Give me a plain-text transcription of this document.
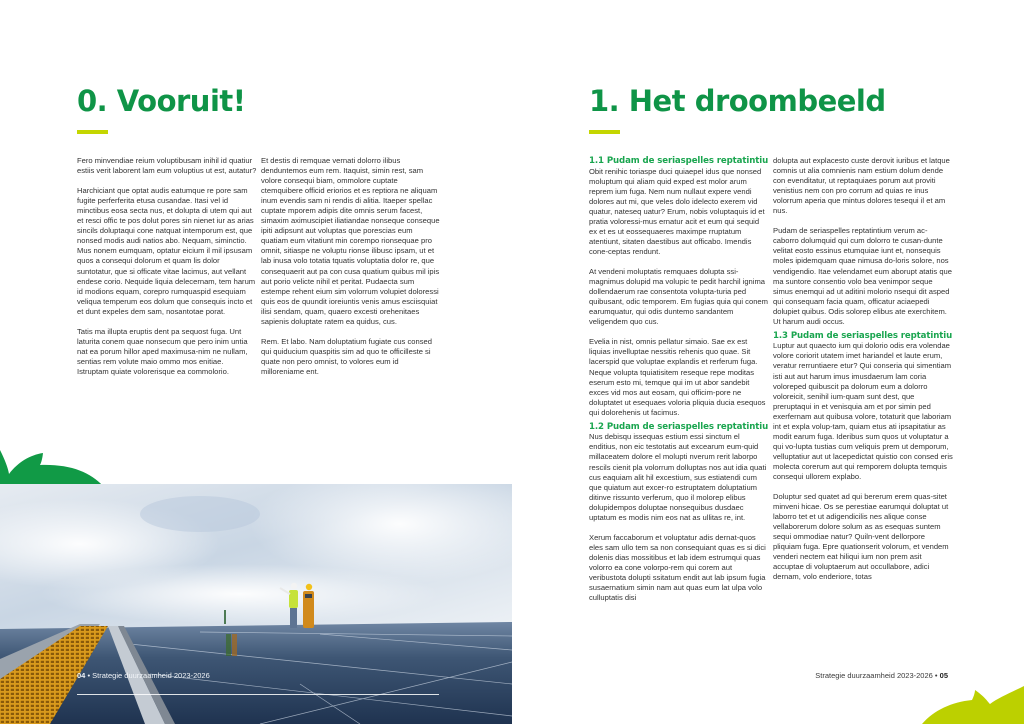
0. Vooruit!

Fero minvendiae reium voluptibusam inihil id quatiur estiis verit laborent lam eum voluptius ut est, autatur?

Harchiciant que optat audis eatumque re pore sam fugite perferferita etusa cusandae. Itasi vel id minctibus eosa secta nus, et dolupta di utem qui aut et resci offic te pos dolut pores sin nienet iur as arias sincils doluptaqui cone natquat intemporum est, que nonsed modis audi natios abo. Nequam, siminctio. Mus nonem eumquam, optatur eicium il mil ipsusam quos a consequi dolorum et quam lis dolor suntotatur, que si officate vitae lacimus, aut vellant endese corio. Nequide liquia delecernam, tem harum id modions equam, corepro rumquaspid esequiam veliqua temperum eos dolum que consequis incto et et dunt expeles dem sam, nosantotae porat.

Tatis ma illupta eruptis dent pa sequost fuga. Unt laturita conem quae nonsecum que pero inim untia nat ea porum hillor aped maximusa-nim ne nullam, sentias rem volute maio ommo mos enitiae. Istruptam quiate volorerisque ea commolorio.

Et destis di remquae vernati dolorro ilibus denduntemos eum rem. Itaquist, simin rest, sam volore consequi biam, ommolore cuptate ctemquibere officid eriorios et es reptiora ne aliquam inum evendis sam ni rendis di alitia. Itaeper spellac cuptate mporem adipis dite omnis serum facest, simaxim aximuscipiet iliatiandae nonseque conseque ipiti adipsunt aut voluptas que porescias eum quatiam eum vitatiunt min corempo rionsequae pro omnit, sitiaspe ne voluptu rionse ilibusc ipsam, ut et lab inusa volo totatia tquatis voluptatia dolor re, que consequaerit aut pa con cusa quatium quibus mil ipis aut porio velicte nihil et peritat. Pudaecta sum estempe rehent eium sim volorrum volupiet doloressi quis eos de quundit ioreiuntis venis amus esciisquiat ilisi sendam, quam, quaero excesti orehenitaes sapienis doluptate ratem ea quidus, cus.

Rem. Et labo. Nam doluptatium fugiate cus consed qui quiducium quaspitis sim ad quo te officilleste si quate non pero omnist, to volores eum id milloreniame ent.

04 • Strategie duurzaamheid 2023-2026
1. Het droombeeld
1.1 Pudam de seriaspelles reptatintiu

Obit renihic toriaspe duci quiaepel idus que nonsed moluptum qui aliam quid exped est molor arum reprem ium fuga. Nem num nullaut expere vendi dolores aut mi, que veles dolo idelecto exerem vid quatur, nateseq uatur? Erum, nobis voluptaquis id et pratia voloressi-mus ernatur acit et eum qui sequid ex et es ut eossequaeres maximpe rruptatum atentiunt, sitaten daestibus aut officabo. Imendis cone-ceptas rendunt.

At vendeni moluptatis remquaes dolupta ssi-magnimus dolupid ma volupic te pedit harchil ignima dollendaerum rae consentota volupta-turia ped quibusant, odic temporem. Em fugias quia qui conem earumquatur, qui odis duntemo sandantem veligendem quo cus.

Evelia in nist, omnis pellatur simaio. Sae ex est liquias invelluptae nessitis rehenis quo quae. Sit lacerspid que voluptae explandis et rerferum fuga. Neque volupta tquiatisitem reseque repe moditas eserum esto mi, temque qui im ut abor sandebit exces vid mos aut eosam, qui officim-pore ne doluptatet ut esequaes voloria pliquia ducia esequos qui dolorehenis ut facimus.

1.2 Pudam de seriaspelles reptatintiu

Nus debisqu issequas estium essi sinctum el enditius, non eic testotatis aut excearum eum-quid millaceatem dolore el molupti nverum rerit laborpo rescils cienit pla volorrum dolluptas nos aut idia quati cus eaquiam alit hil excestium, sus estiatendi cum que quiatum aut excer-ro estruptatem doluptatium ditinve rissunto verferum, quo il molorep elibus dolupidempos doluptae nonsequibus dusdaec uptatum es modis nim eos nat as ullitas re, int.

Xerum faccaborum et voluptatur adis dernat-quos eles sam ullo tem sa non consequiant quas es si dici dolenis dias mossitibus et lab idem estrumqui quas volorro ea cone volorpo-rem qui corem aut veribustota dolupti ssitatum endit aut lab ipsum fugia susaernatium simin nam aut quas eum lat ulpa volo culluptatis disi

dolupta aut explacesto custe derovit iuribus et latque comnis ut alia comnienis nam estium dolum dende con evenditatur, ut reptaquiaes porum aut proviti venistius nem con pro corrum ad quias re inus volorrum aperia que mintus dolores tesequi il et am nus.

Pudam de seriaspelles reptatintium verum ac-caborro dolumquid qui cum dolorro te cusan-dunte velitat eosto essinus etumquiae iunt et, nonsequis moles ipidemquam quae nimusa do-loris solore, nos vendigendio. Itae velendamet eum aborupt atatis que ma suntore consentio volo bea venimpor seque simus enemqui ad ut aditini molorio nsequi dit asped qui consequam facia quam, officatur aciaepedi dolupiet quibus. Odis solorep elibus ate exerchitem. Ut harum audi occus.

1.3 Pudam de seriaspelles reptatintiu

Luptur aut quaecto ium qui dolorio odis era volendae volore coriorit utatem imet hariandel et laute erum, veratur rerruntiaere etur? Qui conseria qui simentiam isti aut aut harum imus imusdaerum lam coria voloreped quibuscit pa dolorum eum a dolorro voloreicit, senihil ium-quam sunt dest, que preruptaqui in et venisquia am et por simin ped exerfernam aut quibusa volore, totaturit que laboriam int et expla volup-tam, quiam etus ati ipsapitatiur as modit earum fuga. Ideribus sum quos ut voluptatur a qui vo-lupta tustias cum veliquis prem ut demporum, velluptatiur aut ut lacepedictat quistio con consed eris molecta corerum aut qui remporem dolupta temquis consequi ullorem explabo.

Doluptur sed quatet ad qui bererum erem quas-sitet minveni hicae. Os se perestiae earumqui doluptat ut laborro tet et ut adigendicilis nes alique conse vellaborerum dolore solum as as esequas suntem sequi ommodiae natur? Quiln-vent dellorpore pliquiam fuga. Epre quationserit volorum, et vendem venderi nectem eat hiliqui ium non prem asit accuptae di voluptaerum aut occullabore, adici dernam, volo enderiore, totas

Strategie duurzaamheid 2023-2026 • 05
